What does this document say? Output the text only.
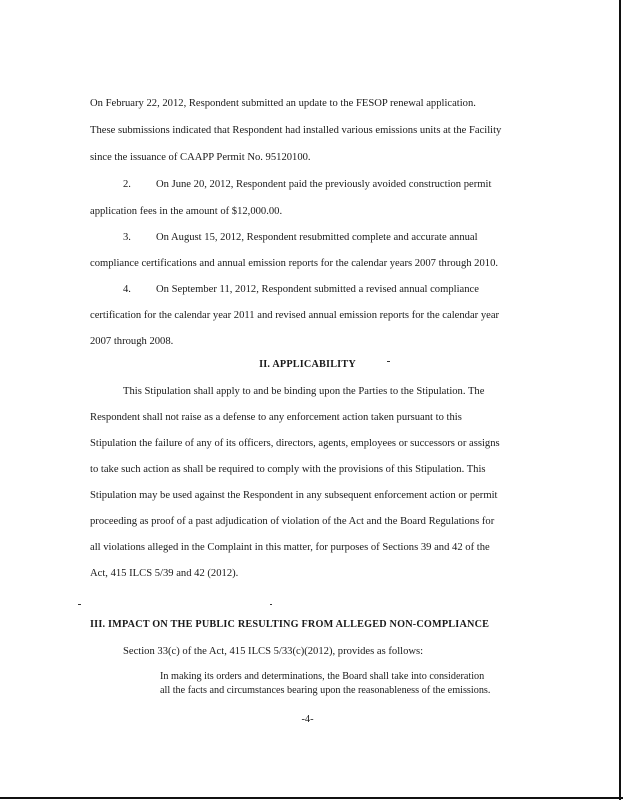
On February 22, 2012, Respondent submitted an update to the FESOP renewal application.
These submissions indicated that Respondent had installed various emissions units at the Facility
since the issuance of CAAPP Permit No. 95120100.
2. On June 20, 2012, Respondent paid the previously avoided construction permit
application fees in the amount of $12,000.00.
3. On August 15, 2012, Respondent resubmitted complete and accurate annual
compliance certifications and annual emission reports for the calendar years 2007 through 2010.
4. On September 11, 2012, Respondent submitted a revised annual compliance
certification for the calendar year 2011 and revised annual emission reports for the calendar year
2007 through 2008.
II. APPLICABILITY
This Stipulation shall apply to and be binding upon the Parties to the Stipulation. The
Respondent shall not raise as a defense to any enforcement action taken pursuant to this
Stipulation the failure of any of its officers, directors, agents, employees or successors or assigns
to take such action as shall be required to comply with the provisions of this Stipulation. This
Stipulation may be used against the Respondent in any subsequent enforcement action or permit
proceeding as proof of a past adjudication of violation of the Act and the Board Regulations for
all violations alleged in the Complaint in this matter, for purposes of Sections 39 and 42 of the
Act, 415 ILCS 5/39 and 42 (2012).
III. IMPACT ON THE PUBLIC RESULTING FROM ALLEGED NON-COMPLIANCE
Section 33(c) of the Act, 415 ILCS 5/33(c)(2012), provides as follows:
In making its orders and determinations, the Board shall take into consideration
all the facts and circumstances bearing upon the reasonableness of the emissions.
-4-
